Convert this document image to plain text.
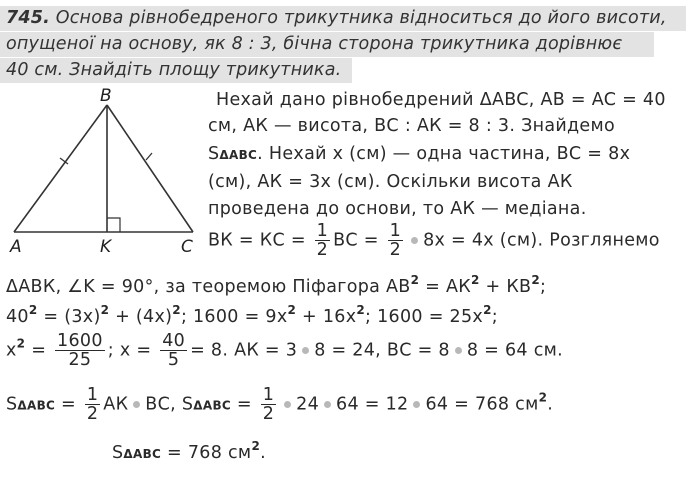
745. Основа рівнобедреного трикутника відноситься до його висоти,
опущеної на основу, як 8 : 3, бічна сторона трикутника дорівнює
40 см. Знайдіть площу трикутника.
B
A	K	C
Нехай дано рівнобедрений ΔABC, AB = AC = 40
см, АК — висота, ВС : АК = 8 : 3. Знайдемо
SΔАВС. Нехай х (см) — одна частина, ВС = 8x
(см), АК = 3x (см). Оскільки висота АК
проведена до основи, то АК — медіана.
ВК = КС = $\frac{1}{2}$ ВС = $\frac{1}{2} 8x = 4x$ (см). Розглянемо
ΔАВК, ∠K = 90°, за теоремою Піфагора $АВ^2 = АК^2 + КВ^2$;
$40^2 = (3x)^2 + (4x)^2$; $1600 = 9x^2 + 16x^2$; $1600 = 25x^2$;
$x^2 = \frac{1600}{25}$ ; $x = \frac{40}{5} = 8$. АК = 3 8 = 24, ВС = 8 8 = 64 см.
$S\Delta АВС = \frac{1}{2}$ АК ВС, $S\Delta АВС = \frac{1}{2} 24$ 64 = 12 64 = 768 $см^2$.
SΔАВС = 768 $см^2$.
